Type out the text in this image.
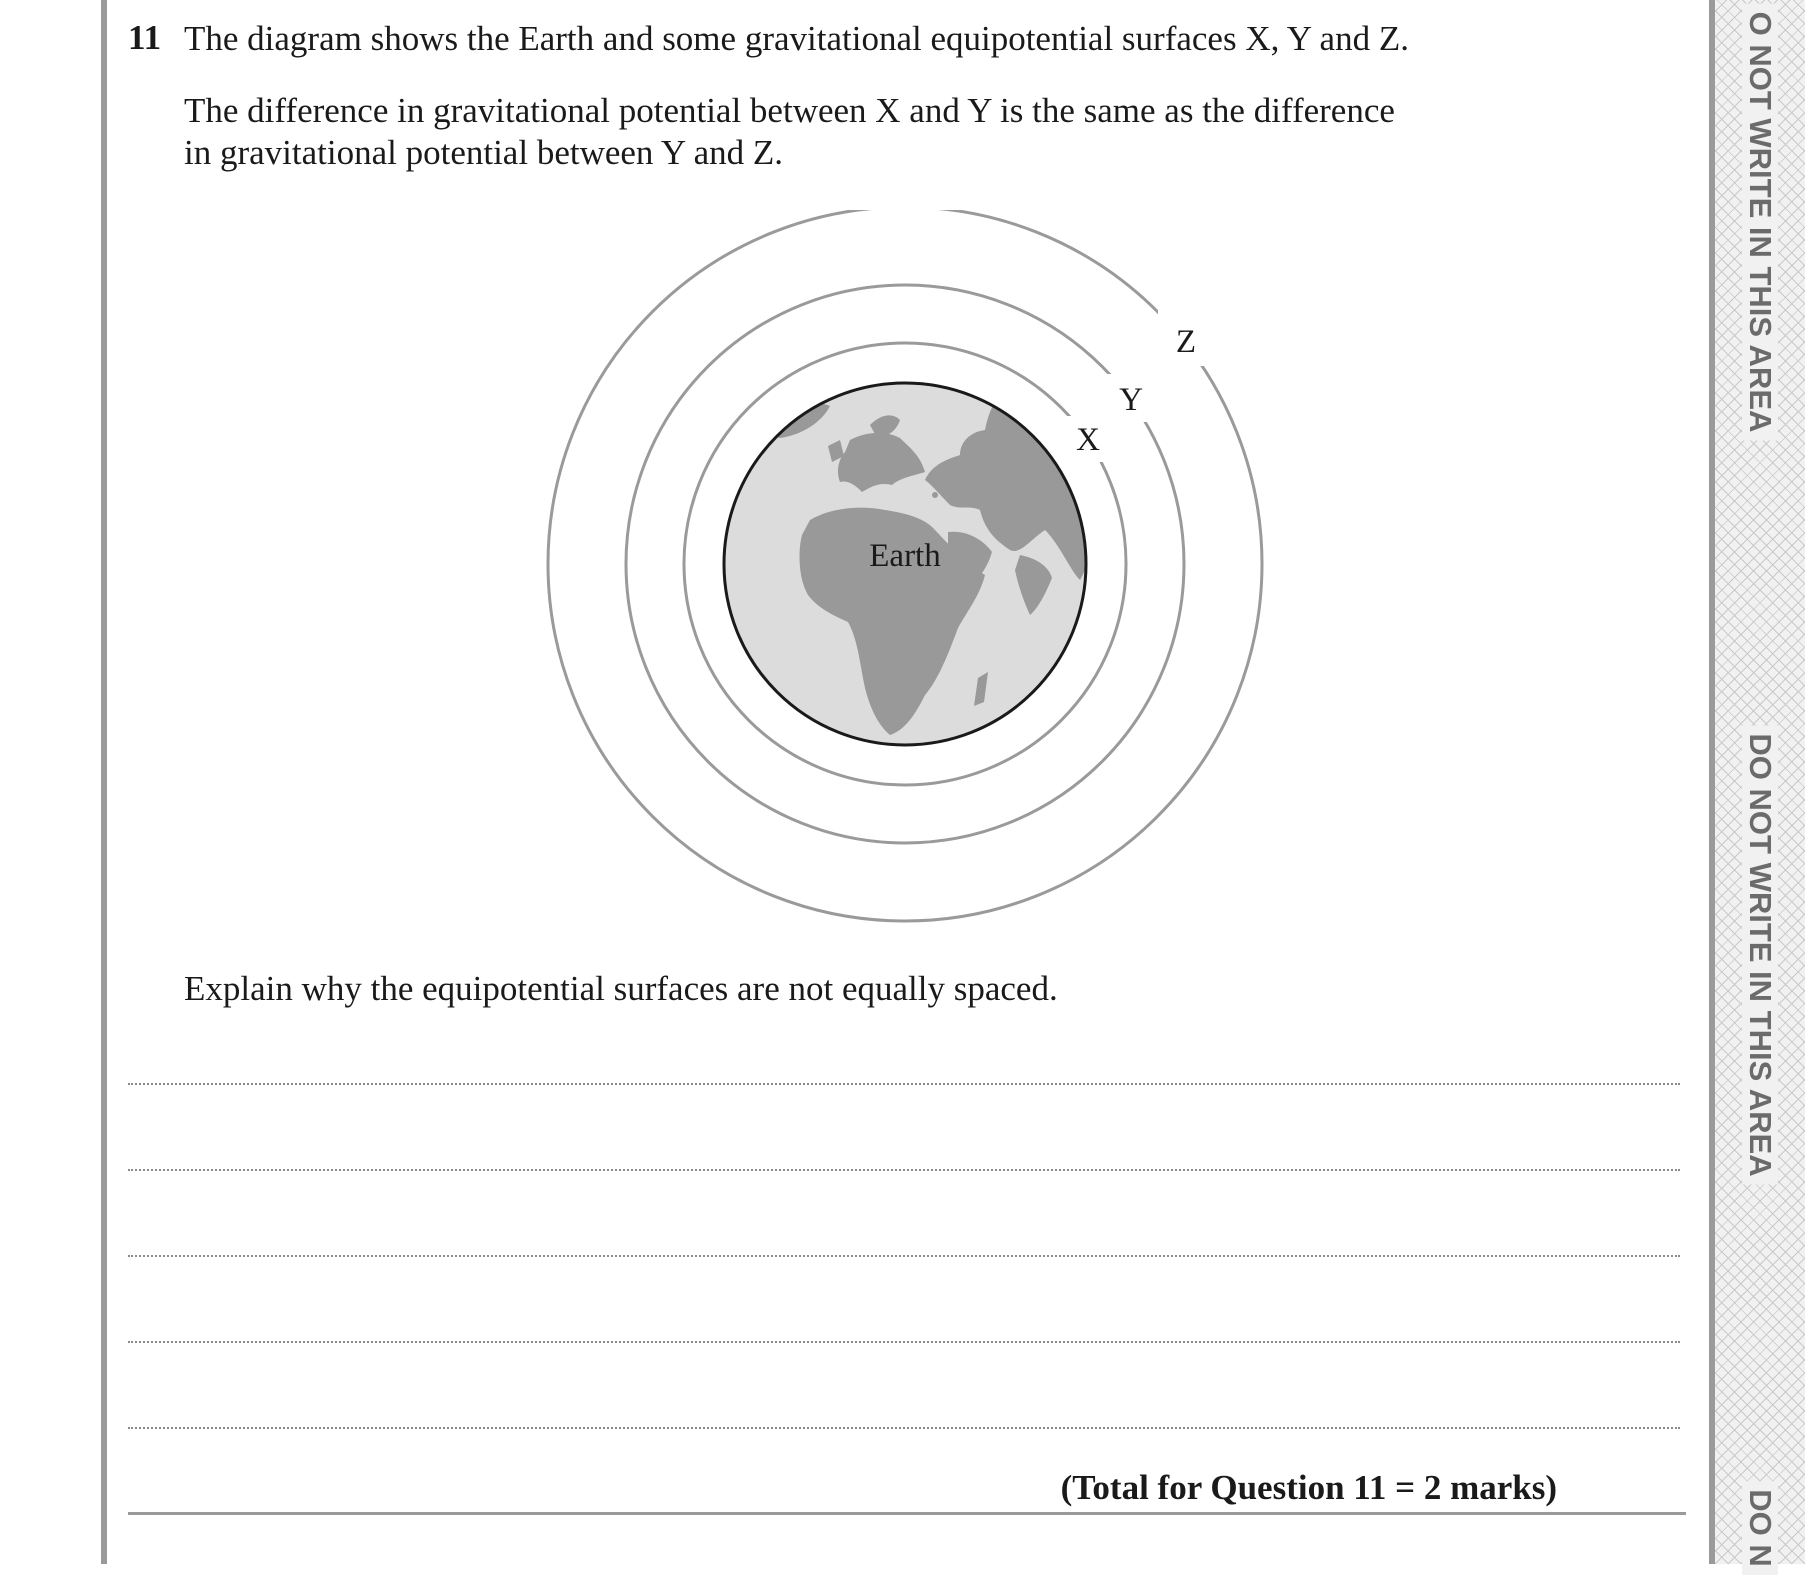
11 The diagram shows the Earth and some gravitational equipotential surfaces X, Y and Z.
The difference in gravitational potential between X and Y is the same as the difference
in gravitational potential between Y and Z.
Earth
X
Y
Z
Explain why the equipotential surfaces are not equally spaced.
(Total for Question 11 = 2 marks)
O NOT WRITE IN THIS AREA
DO NOT WRITE IN THIS AREA
DO N
